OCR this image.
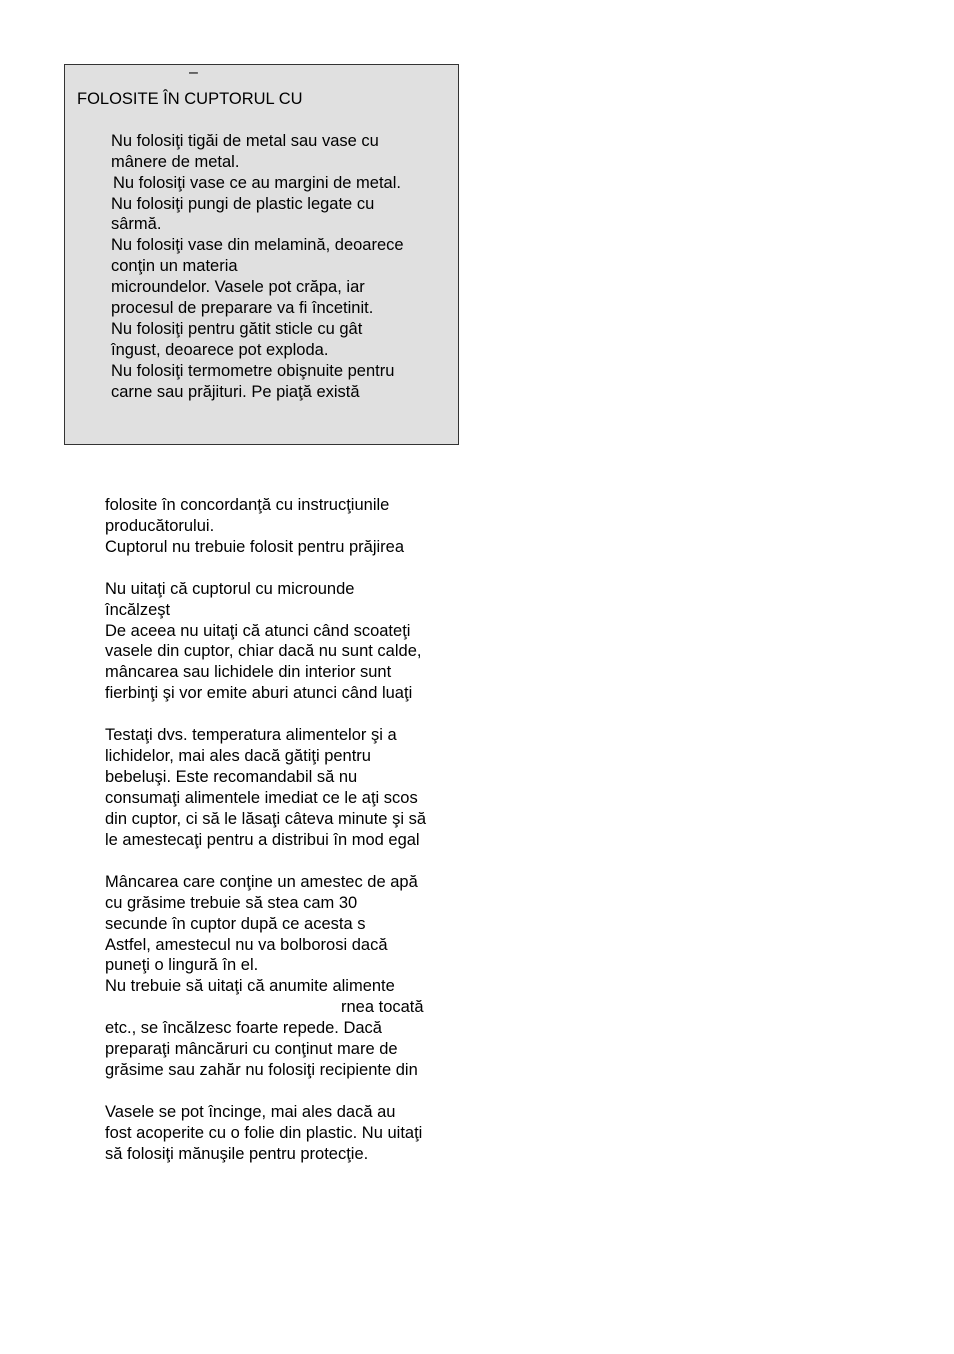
–
FOLOSITE ÎN CUPTORUL CU
Nu folosiţi tigăi de metal sau vase cu
mânere de metal.
Nu folosiţi vase ce au margini de metal.
Nu folosiţi pungi de plastic legate cu
sârmă.
Nu folosiţi vase din melamină, deoarece
conţin un materia
microundelor. Vasele pot crăpa, iar
procesul de preparare va fi încetinit.
Nu folosiţi pentru gătit sticle cu gât
îngust, deoarece pot exploda.
Nu folosiţi termometre obişnuite pentru
carne sau prăjituri. Pe piaţă există
folosite în concordanţă cu instrucţiunile
producătorului.
Cuptorul nu trebuie folosit pentru prăjirea
Nu uitaţi că cuptorul cu microunde
încălzeşt
De aceea nu uitaţi că atunci când scoateţi
vasele din cuptor, chiar dacă nu sunt calde,
mâncarea sau lichidele din interior sunt
fierbinţi şi vor emite aburi atunci când luaţi
Testaţi dvs. temperatura alimentelor şi a
lichidelor, mai ales dacă gătiţi pentru
bebeluşi. Este recomandabil să nu
consumaţi alimentele imediat ce le aţi scos
din cuptor, ci să le lăsaţi câteva minute şi să
le amestecaţi pentru a distribui în mod egal
Mâncarea care conţine un amestec de apă
cu grăsime trebuie să stea cam 30
secunde în cuptor după ce acesta s
Astfel, amestecul nu va bolborosi dacă
puneţi o lingură în el.
Nu trebuie să uitaţi că anumite alimente
rnea tocată
etc., se încălzesc foarte repede. Dacă
preparaţi mâncăruri cu conţinut mare de
grăsime sau zahăr nu folosiţi recipiente din
Vasele se pot încinge, mai ales dacă au
fost acoperite cu o folie din plastic. Nu uitaţi
să folosiţi mănuşile pentru protecţie.
